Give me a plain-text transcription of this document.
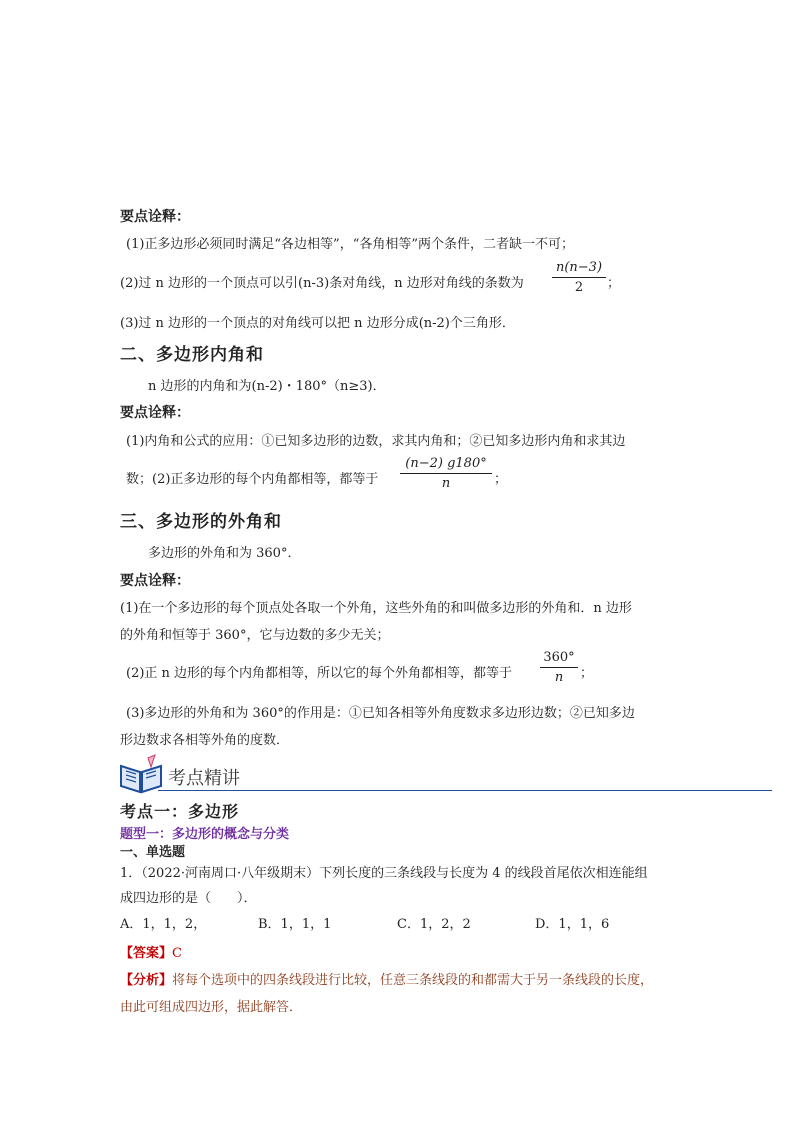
要点诠释：
(1)正多边形必须同时满足“各边相等”，“各角相等”两个条件，二者缺一不可；
(2)过 n 边形的一个顶点可以引(n-3)条对角线，n 边形对角线的条数为
n(n−3)
2	；
(3)过 n 边形的一个顶点的对角线可以把 n 边形分成(n-2)个三角形．
二、多边形内角和
n 边形的内角和为(n-2)・180°（n≥3)．
要点诠释：
(1)内角和公式的应用：①已知多边形的边数，求其内角和；②已知多边形内角和求其边
数；(2)正多边形的每个内角都相等，都等于
(n−2) g180°
n	；
三、多边形的外角和
多边形的外角和为 360°．
要点诠释：
(1)在一个多边形的每个顶点处各取一个外角，这些外角的和叫做多边形的外角和．n 边形
的外角和恒等于 360°，它与边数的多少无关；
(2)正 n 边形的每个内角都相等，所以它的每个外角都相等，都等于
360°
n	；
(3)多边形的外角和为 360°的作用是：①已知各相等外角度数求多边形边数；②已知多边
形边数求各相等外角的度数．
考点精讲
考点一：多边形
题型一：多边形的概念与分类
一、单选题
1．（2022·河南周口·八年级期末）下列长度的三条线段与长度为 4 的线段首尾依次相连能组
成四边形的是（　　）．
A．1，1，2，	B．1，1，1	C．1，2，2	D．1，1，6
【答案】C
【分析】将每个选项中的四条线段进行比较，任意三条线段的和都需大于另一条线段的长度，
由此可组成四边形，据此解答．
